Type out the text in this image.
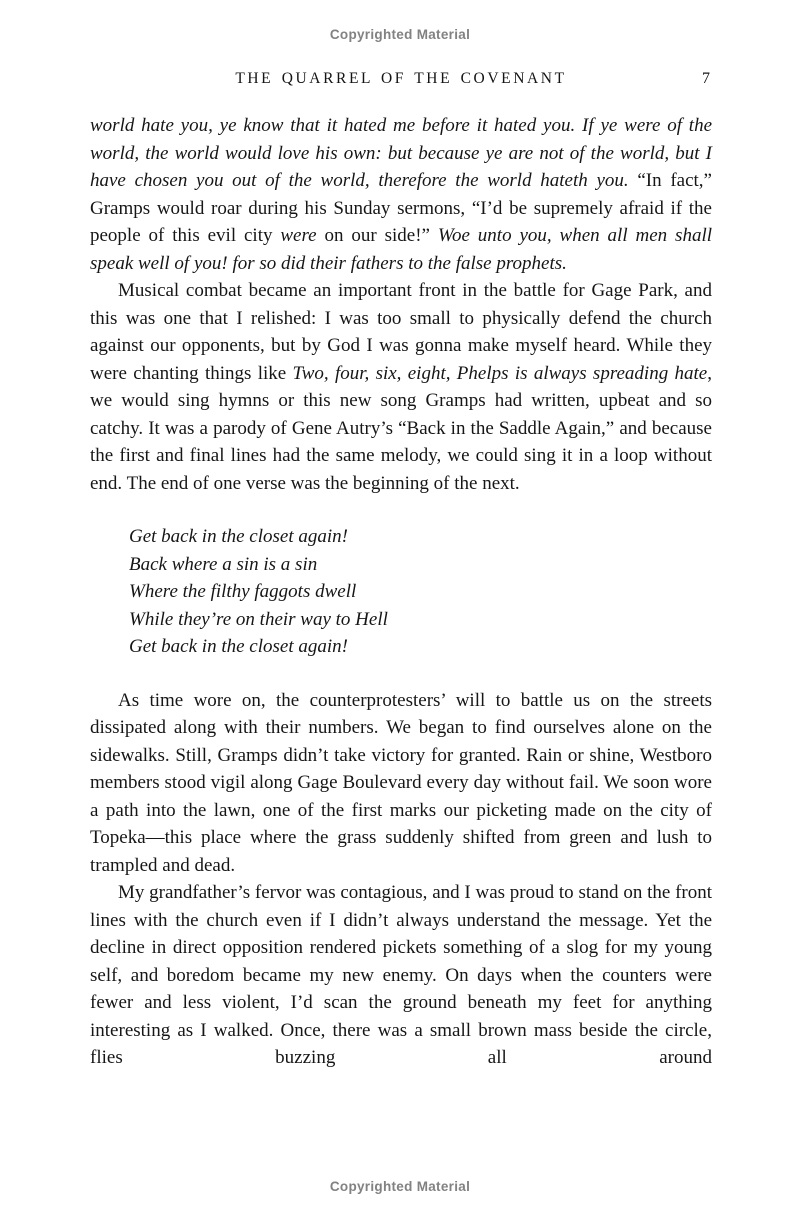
Copyrighted Material
THE QUARREL OF THE COVENANT	7

world hate you, ye know that it hated me before it hated you. If ye were of the world, the world would love his own: but because ye are not of the world, but I have chosen you out of the world, therefore the world hateth you. “In fact,” Gramps would roar during his Sunday sermons, “I’d be supremely afraid if the people of this evil city were on our side!” Woe unto you, when all men shall speak well of you! for so did their fathers to the false prophets.

Musical combat became an important front in the battle for Gage Park, and this was one that I relished: I was too small to physically defend the church against our opponents, but by God I was gonna make myself heard. While they were chanting things like Two, four, six, eight, Phelps is always spreading hate, we would sing hymns or this new song Gramps had written, upbeat and so catchy. It was a parody of Gene Autry’s “Back in the Saddle Again,” and because the first and final lines had the same melody, we could sing it in a loop without end. The end of one verse was the beginning of the next.

Get back in the closet again!
Back where a sin is a sin
Where the filthy faggots dwell
While they’re on their way to Hell
Get back in the closet again!

As time wore on, the counterprotesters’ will to battle us on the streets dissipated along with their numbers. We began to find ourselves alone on the sidewalks. Still, Gramps didn’t take victory for granted. Rain or shine, Westboro members stood vigil along Gage Boulevard every day without fail. We soon wore a path into the lawn, one of the first marks our picketing made on the city of Topeka—this place where the grass suddenly shifted from green and lush to trampled and dead.

My grandfather’s fervor was contagious, and I was proud to stand on the front lines with the church even if I didn’t always understand the message. Yet the decline in direct opposition rendered pickets something of a slog for my young self, and boredom became my new enemy. On days when the counters were fewer and less violent, I’d scan the ground beneath my feet for anything interesting as I walked. Once, there was a small brown mass beside the circle, flies buzzing all around

Copyrighted Material
